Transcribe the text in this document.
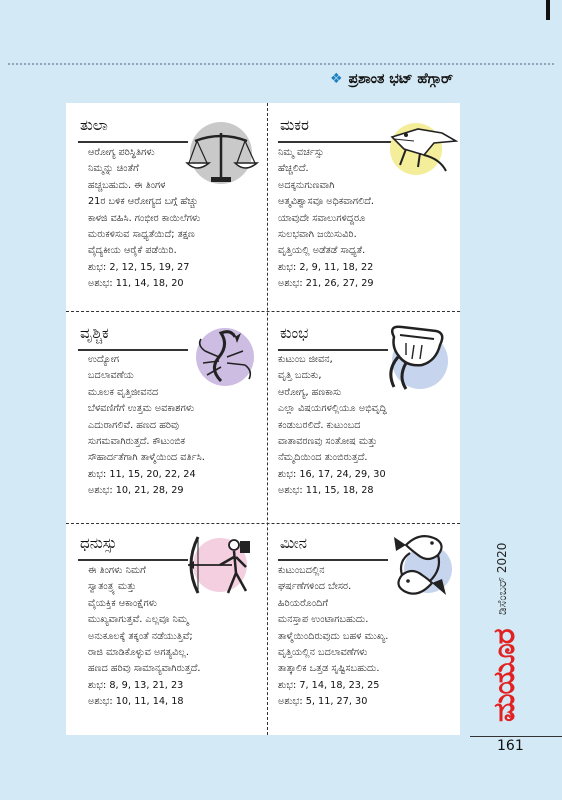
❖ ಪ್ರಶಾಂತ ಭಟ್ ಹೆಗ್ಗಾರ್
ತುಲಾ
ಆರೋಗ್ಯ ಪರಿಸ್ಥಿತಿಗಳು
ನಿಮ್ಮನ್ನು ಚಿಂತೆಗೆ
ಹಚ್ಚಬಹುದು. ಈ ತಿಂಗಳ
21ರ ಬಳಿಕ ಆರೋಗ್ಯದ ಬಗ್ಗೆ ಹೆಚ್ಚು
ಕಾಳಜಿ ವಹಿಸಿ. ಗಂಭೀರ ಕಾಯಿಲೆಗಳು
ಮರುಕಳಿಸುವ ಸಾಧ್ಯತೆಯಿದೆ; ತಕ್ಷಣ
ವೈದ್ಯಕೀಯ ಆರೈಕೆ ಪಡೆಯಿರಿ.
ಶುಭ: 2, 12, 15, 19, 27
ಅಶುಭ: 11, 14, 18, 20
ಮಕರ
ನಿಮ್ಮ ವರ್ಚಸ್ಸು
ಹೆಚ್ಚಲಿದೆ.
ಅದಕ್ಕನುಗುಣವಾಗಿ
ಆತ್ಮವಿಶ್ವಾಸವೂ ಅಧಿಕವಾಗಲಿದೆ.
ಯಾವುದೇ ಸವಾಲುಗಳಿದ್ದರೂ
ಸುಲಭವಾಗಿ ಜಯಿಸುವಿರಿ.
ವೃತ್ತಿಯಲ್ಲಿ ಅಡೆತಡೆ ಸಾಧ್ಯತೆ.
ಶುಭ: 2, 9, 11, 18, 22
ಅಶುಭ: 21, 26, 27, 29
ವೃಶ್ಚಿಕ
ಉದ್ಯೋಗ
ಬದಲಾವಣೆಯ
ಮೂಲಕ ವೃತ್ತಿಜೀವನದ
ಬೆಳವಣಿಗೆಗೆ ಉತ್ತಮ ಅವಕಾಶಗಳು
ಎದುರಾಗಲಿವೆ. ಹಣದ ಹರಿವು
ಸುಗಮವಾಗಿರುತ್ತದೆ. ಕೌಟುಂಬಿಕ
ಸೌಹಾರ್ದತೆಗಾಗಿ ತಾಳ್ಮೆಯಿಂದ ವರ್ತಿಸಿ.
ಶುಭ: 11, 15, 20, 22, 24
ಅಶುಭ: 10, 21, 28, 29
ಕುಂಭ
ಕುಟುಂಬ ಜೀವನ,
ವೃತ್ತಿ ಬದುಕು,
ಆರೋಗ್ಯ, ಹಣಕಾಸು
ಎಲ್ಲಾ ವಿಷಯಗಳಲ್ಲಿಯೂ ಅಭಿವೃದ್ಧಿ
ಕಂಡುಬರಲಿದೆ. ಕುಟುಂಬದ
ವಾತಾವರಣವು ಸಂತೋಷ ಮತ್ತು
ನೆಮ್ಮದಿಯಿಂದ ತುಂಬಿರುತ್ತದೆ.
ಶುಭ: 16, 17, 24, 29, 30
ಅಶುಭ: 11, 15, 18, 28
ಧನುಸ್ಸು
ಈ ತಿಂಗಳು ನಿಮಗೆ
ಸ್ವಾತಂತ್ರ್ಯ ಮತ್ತು
ವೈಯಕ್ತಿಕ ಆಕಾಂಕ್ಷೆಗಳು
ಮುಖ್ಯವಾಗುತ್ತವೆ. ಎಲ್ಲವೂ ನಿಮ್ಮ
ಅನುಕೂಲಕ್ಕೆ ತಕ್ಕಂತೆ ನಡೆಯುತ್ತಿವೆ;
ರಾಜಿ ಮಾಡಿಕೊಳ್ಳುವ ಅಗತ್ಯವಿಲ್ಲ.
ಹಣದ ಹರಿವು ಸಾಮಾನ್ಯವಾಗಿರುತ್ತದೆ.
ಶುಭ: 8, 9, 13, 21, 23
ಅಶುಭ: 10, 11, 14, 18
ಮೀನ
ಕುಟುಂಬದಲ್ಲಿನ
ಘರ್ಷಣೆಗಳಿಂದ ಬೇಸರ.
ಹಿರಿಯರೊಂದಿಗೆ
ಮನಸ್ತಾಪ ಉಂಟಾಗಬಹುದು.
ತಾಳ್ಮೆಯಿಂದಿರುವುದು ಬಹಳ ಮುಖ್ಯ.
ವೃತ್ತಿಯಲ್ಲಿನ ಬದಲಾವಣೆಗಳು
ತಾತ್ಕಾಲಿಕ ಒತ್ತಡ ಸೃಷ್ಟಿಸಬಹುದು.
ಶುಭ: 7, 14, 18, 23, 25
ಅಶುಭ: 5, 11, 27, 30
ಡಿಸೆಂಬರ್ 2020
ಮಯೂರ
161
